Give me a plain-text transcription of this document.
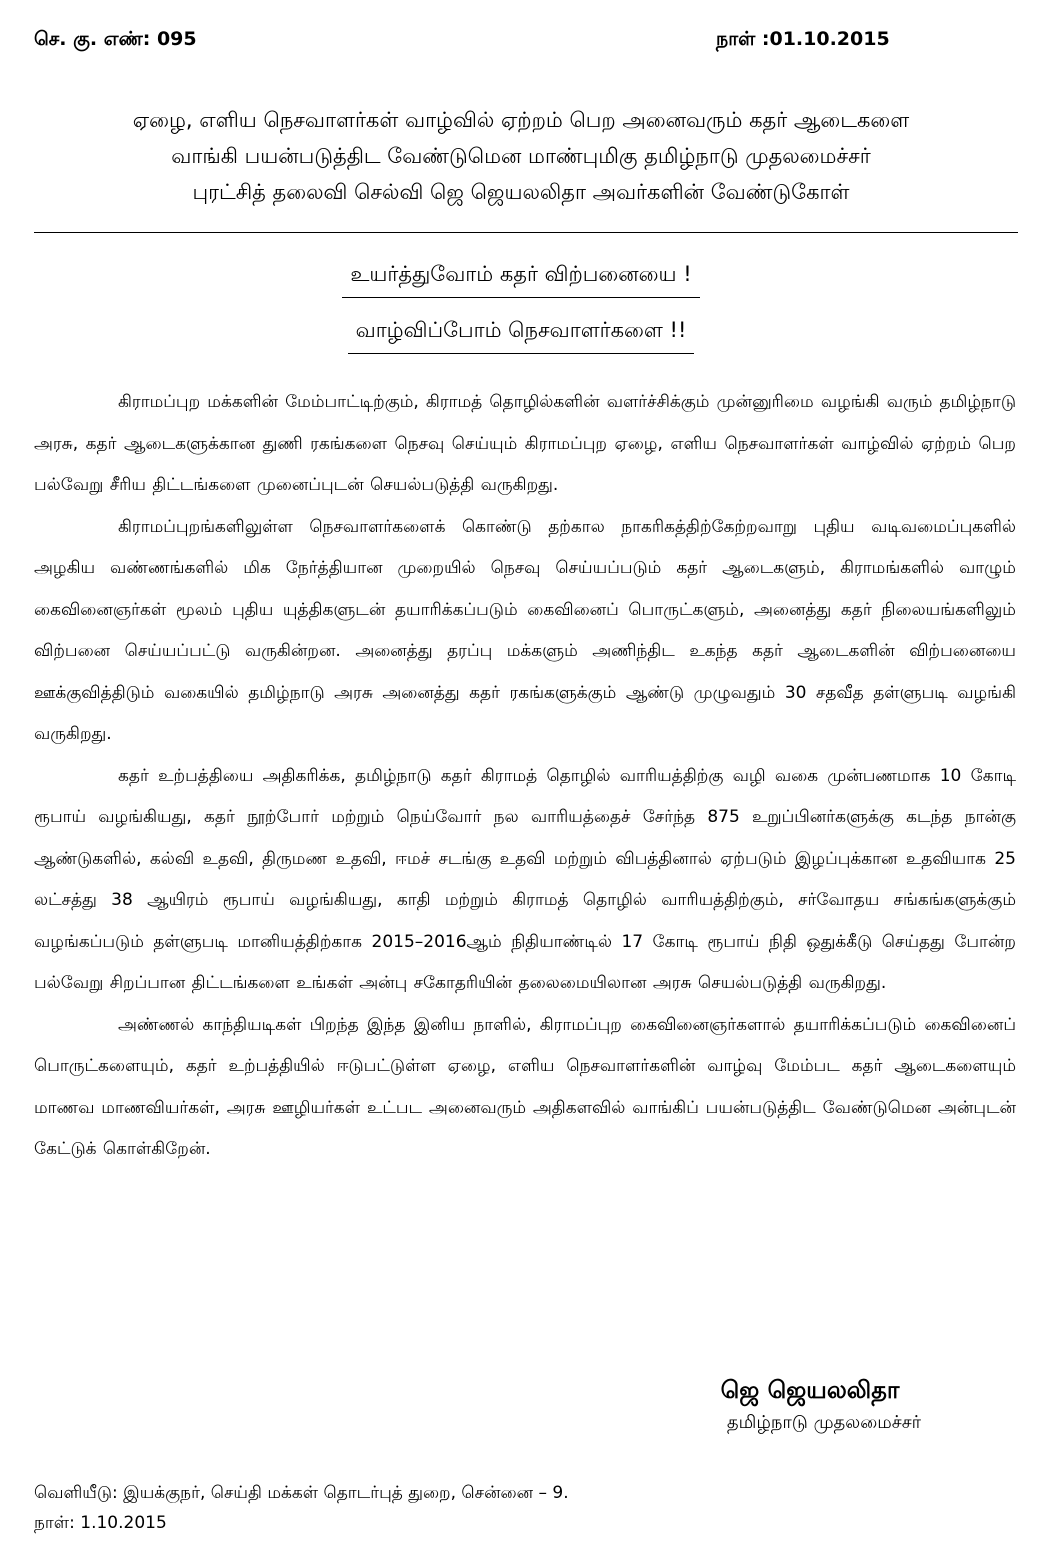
செ. கு. எண்: 095	நாள் :01.10.2015
ஏழை, எளிய நெசவாளர்கள் வாழ்வில் ஏற்றம் பெற அனைவரும் கதர் ஆடைகளை
வாங்கி பயன்படுத்திட வேண்டுமென மாண்புமிகு தமிழ்நாடு முதலமைச்சர்
புரட்சித் தலைவி செல்வி ஜெ ஜெயலலிதா அவர்களின் வேண்டுகோள்
உயர்த்துவோம் கதர் விற்பனையை !
வாழ்விப்போம் நெசவாளர்களை !!

கிராமப்புற மக்களின் மேம்பாட்டிற்கும், கிராமத் தொழில்களின் வளர்ச்சிக்கும் முன்னுரிமை வழங்கி வரும் தமிழ்நாடு அரசு, கதர் ஆடைகளுக்கான துணி ரகங்களை நெசவு செய்யும் கிராமப்புற ஏழை, எளிய நெசவாளர்கள் வாழ்வில் ஏற்றம் பெற பல்வேறு சீரிய திட்டங்களை முனைப்புடன் செயல்படுத்தி வருகிறது.

கிராமப்புறங்களிலுள்ள நெசவாளர்களைக் கொண்டு தற்கால நாகரிகத்திற்கேற்றவாறு புதிய வடிவமைப்புகளில் அழகிய வண்ணங்களில் மிக நேர்த்தியான முறையில் நெசவு செய்யப்படும் கதர் ஆடைகளும், கிராமங்களில் வாழும் கைவினைஞர்கள் மூலம் புதிய யுத்திகளுடன் தயாரிக்கப்படும் கைவினைப் பொருட்களும், அனைத்து கதர் நிலையங்களிலும் விற்பனை செய்யப்பட்டு வருகின்றன. அனைத்து தரப்பு மக்களும் அணிந்திட உகந்த கதர் ஆடைகளின் விற்பனையை ஊக்குவித்திடும் வகையில் தமிழ்நாடு அரசு அனைத்து கதர் ரகங்களுக்கும் ஆண்டு முழுவதும் 30 சதவீத தள்ளுபடி வழங்கி வருகிறது.

கதர் உற்பத்தியை அதிகரிக்க, தமிழ்நாடு கதர் கிராமத் தொழில் வாரியத்திற்கு வழி வகை முன்பணமாக 10 கோடி ரூபாய் வழங்கியது, கதர் நூற்போர் மற்றும் நெய்வோர் நல வாரியத்தைச் சேர்ந்த 875 உறுப்பினர்களுக்கு கடந்த நான்கு ஆண்டுகளில், கல்வி உதவி, திருமண உதவி, ஈமச் சடங்கு உதவி மற்றும் விபத்தினால் ஏற்படும் இழப்புக்கான உதவியாக 25 லட்சத்து 38 ஆயிரம் ரூபாய் வழங்கியது, காதி மற்றும் கிராமத் தொழில் வாரியத்திற்கும், சர்வோதய சங்கங்களுக்கும் வழங்கப்படும் தள்ளுபடி மானியத்திற்காக 2015–2016ஆம் நிதியாண்டில் 17 கோடி ரூபாய் நிதி ஒதுக்கீடு செய்தது போன்ற பல்வேறு சிறப்பான திட்டங்களை உங்கள் அன்பு சகோதரியின் தலைமையிலான அரசு செயல்படுத்தி வருகிறது.

அண்ணல் காந்தியடிகள் பிறந்த இந்த இனிய நாளில், கிராமப்புற கைவினைஞர்களால் தயாரிக்கப்படும் கைவினைப் பொருட்களையும், கதர் உற்பத்தியில் ஈடுபட்டுள்ள ஏழை, எளிய நெசவாளர்களின் வாழ்வு மேம்பட கதர் ஆடைகளையும் மாணவ மாணவியர்கள், அரசு ஊழியர்கள் உட்பட அனைவரும் அதிகளவில் வாங்கிப் பயன்படுத்திட வேண்டுமென அன்புடன் கேட்டுக் கொள்கிறேன்.

ஜெ ஜெயலலிதா
தமிழ்நாடு முதலமைச்சர்
வெளியீடு: இயக்குநர், செய்தி மக்கள் தொடர்புத் துறை, சென்னை – 9.
நாள்: 1.10.2015
